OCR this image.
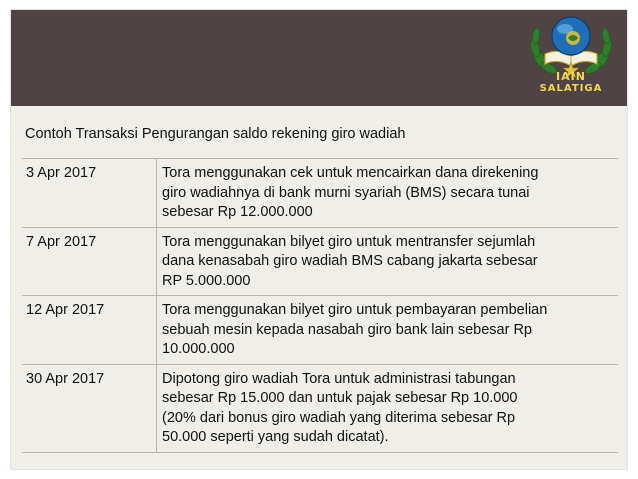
IAIN
SALATIGA
Contoh Transaksi Pengurangan saldo rekening giro wadiah
3 Apr 2017	Tora menggunakan cek untuk mencairkan dana direkening
giro wadiahnya di bank murni syariah (BMS) secara tunai
sebesar Rp 12.000.000

7 Apr 2017	Tora menggunakan bilyet giro untuk mentransfer sejumlah
dana kenasabah giro wadiah BMS cabang jakarta sebesar
RP 5.000.000

12 Apr 2017	Tora menggunakan bilyet giro untuk pembayaran pembelian
sebuah mesin kepada nasabah giro bank lain sebesar Rp
10.000.000

30 Apr 2017	Dipotong giro wadiah Tora untuk administrasi tabungan
sebesar Rp 15.000 dan untuk pajak sebesar Rp 10.000
(20% dari bonus giro wadiah yang diterima sebesar Rp
50.000 seperti yang sudah dicatat).
